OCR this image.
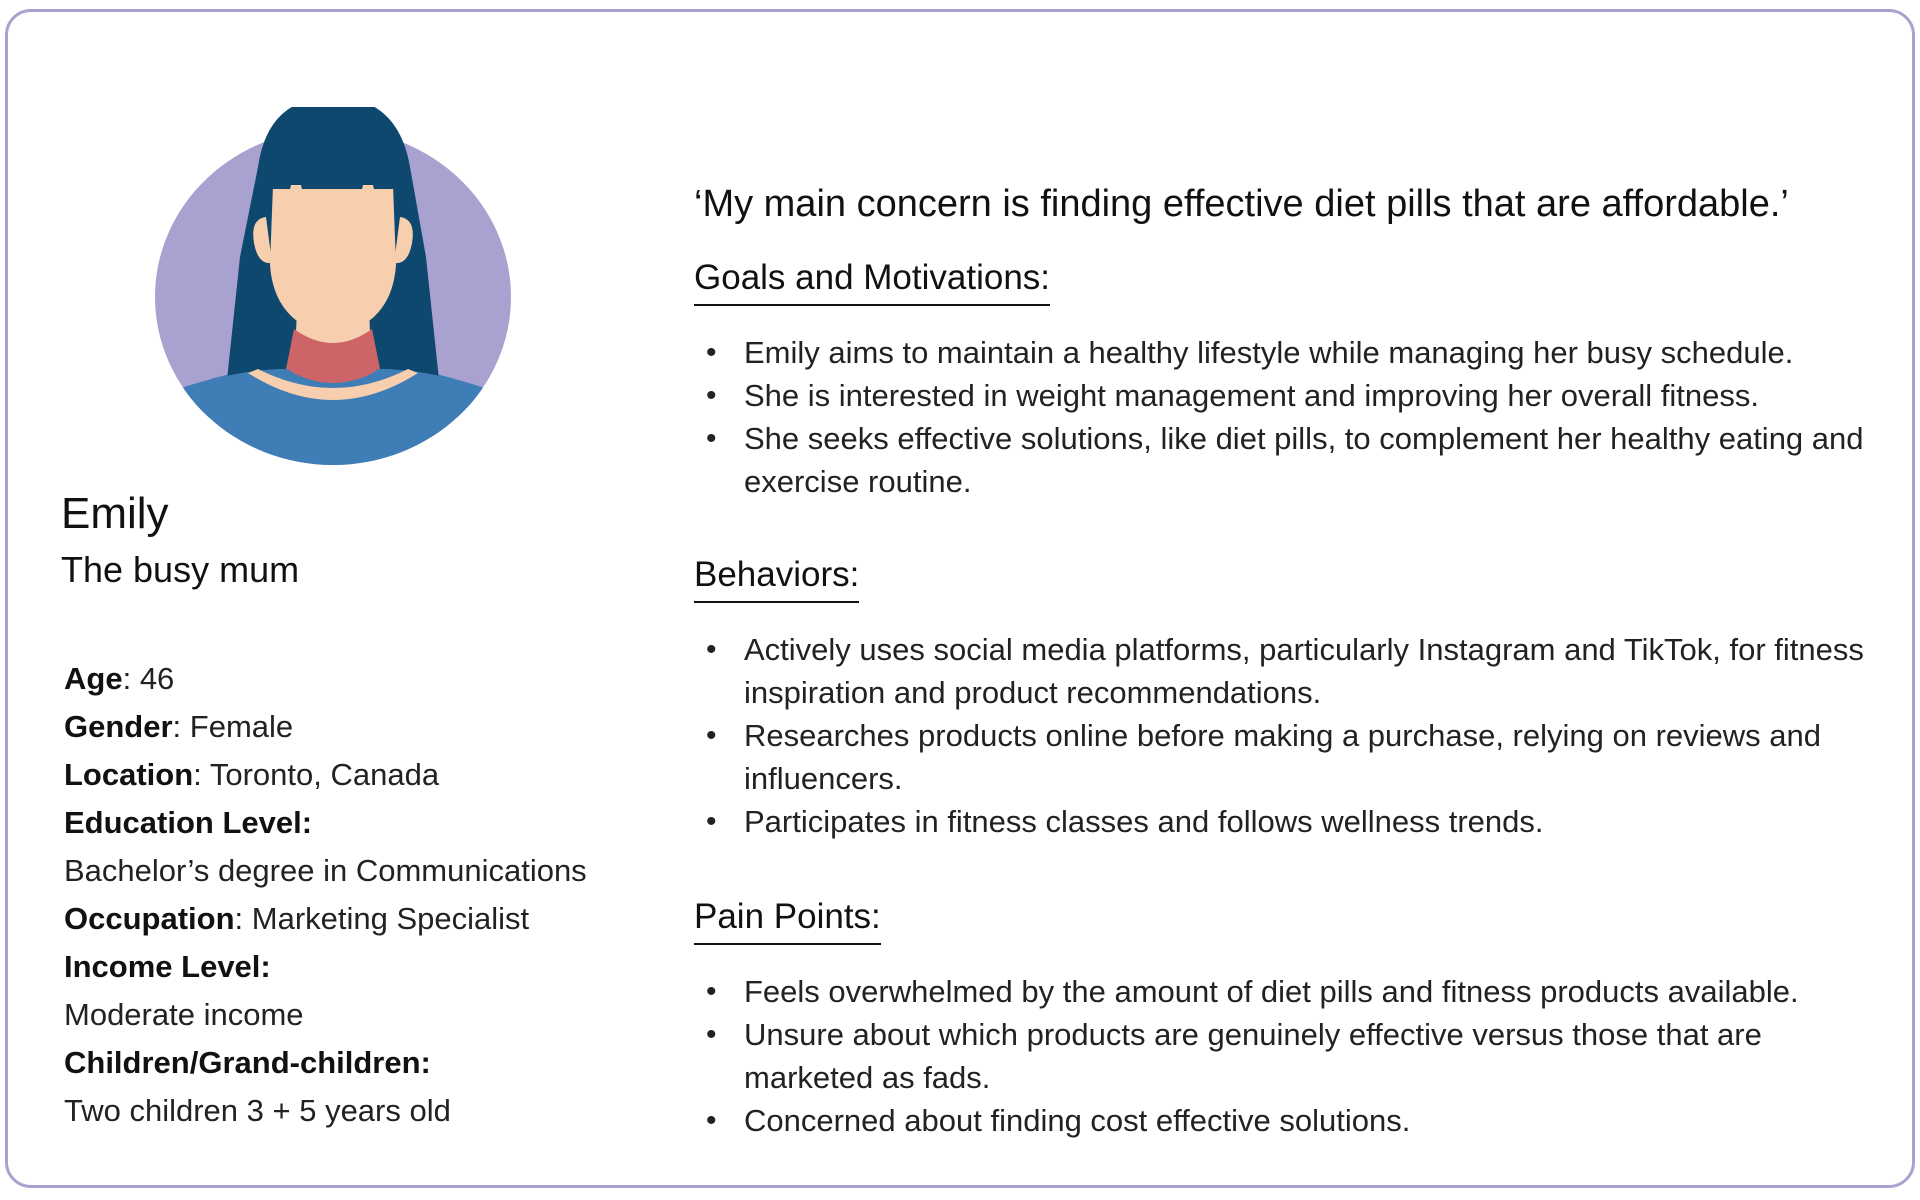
Emily
The busy mum
Age: 46
Gender: Female
Location: Toronto, Canada
Education Level:
Bachelor’s degree in Communications
Occupation: Marketing Specialist
Income Level:
Moderate income
Children/Grand-children:
Two children 3 + 5 years old
‘My main concern is finding effective diet pills that are affordable.’
Goals and Motivations:
• Emily aims to maintain a healthy lifestyle while managing her busy schedule.
• She is interested in weight management and improving her overall fitness.
• She seeks effective solutions, like diet pills, to complement her healthy eating and exercise routine.
Behaviors:
• Actively uses social media platforms, particularly Instagram and TikTok, for fitness inspiration and product recommendations.
• Researches products online before making a purchase, relying on reviews and influencers.
• Participates in fitness classes and follows wellness trends.
Pain Points:
• Feels overwhelmed by the amount of diet pills and fitness products available.
• Unsure about which products are genuinely effective versus those that are marketed as fads.
• Concerned about finding cost effective solutions.
